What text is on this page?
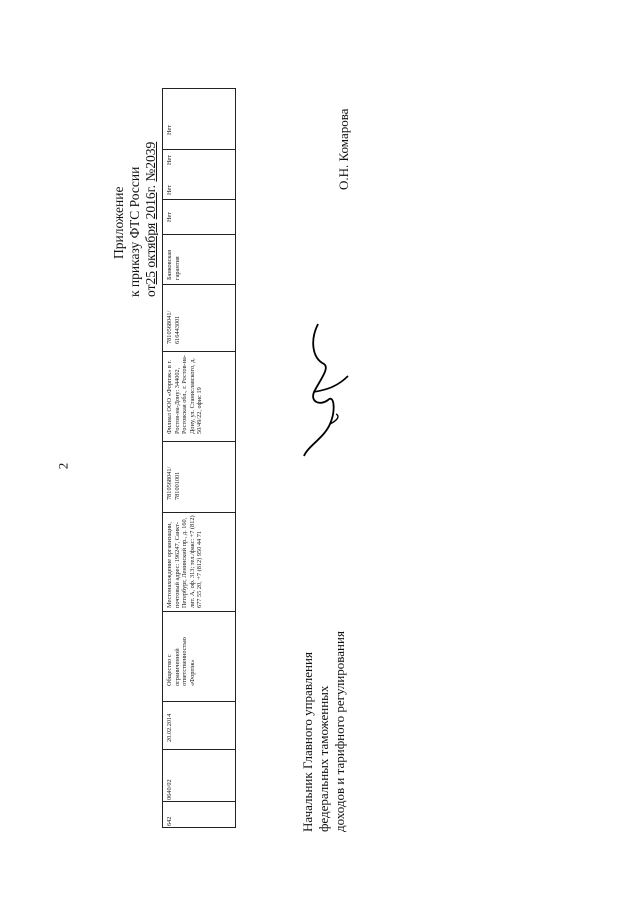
2
Приложение к приказу ФТС России от25 октября 2016г. №2039
Нет
Нет
Нет
Нет
Банковская гарантия
7810568041/ 616443001
Филиал ООО «Форпэк» в г. Ростов-на-Дону: 344002, Ростовская обл., г. Ростов-на-Дону, ул. Станиславского, д. 50/49/22, офис 19
7810568041/ 781001001
Местонахождение организации, почтовый адрес: 196247, Санкт-Петербург, Ленинский пр., д. 160, лит. А, оф. 313; тел./факс: +7 (812) 677 55 20, +7 (812) 950 44 71
Общество с ограниченной ответственностью «Форпэк»
20.02.2014
0640/02
642	Начальник Главного управления федеральных таможенных доходов и тарифного регулирования
О.Н. Комарова
